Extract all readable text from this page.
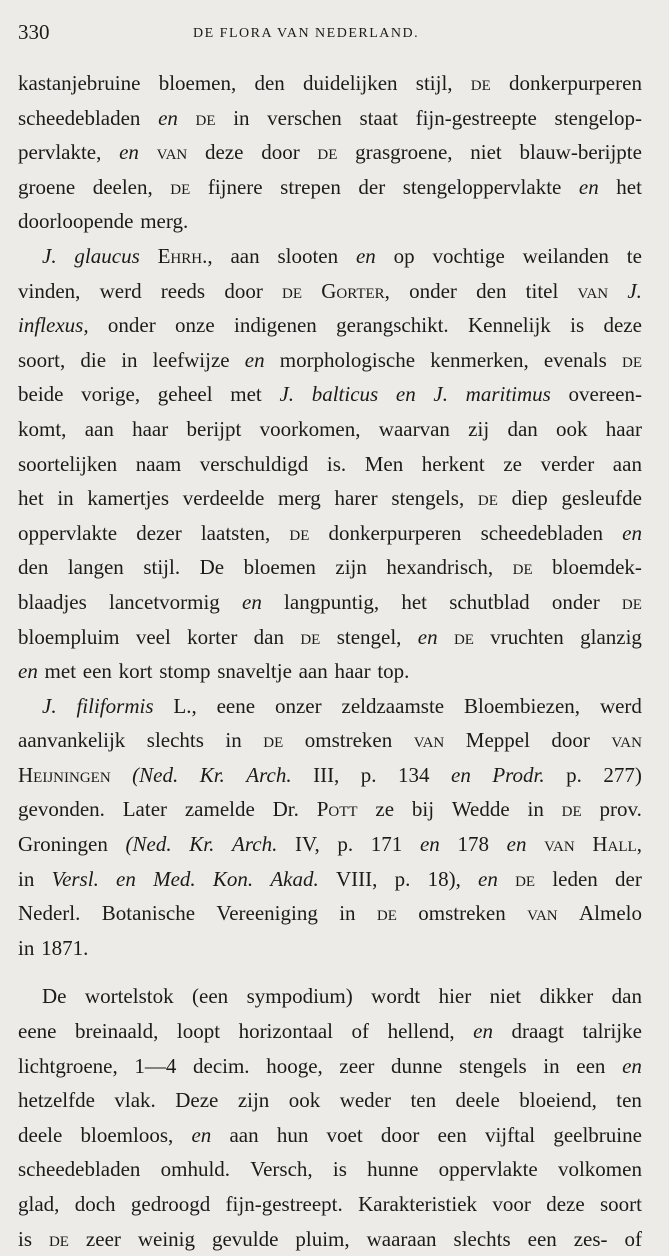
330	DE FLORA VAN NEDERLAND.
kastanjebruine bloemen, den duidelijken stijl, de donkerpurperen
scheedebladen en de in verschen staat fijn-gestreepte stengelop-
pervlakte, en van deze door de grasgroene, niet blauw-berijpte
groene deelen, de fijnere strepen der stengeloppervlakte en het
doorloopende merg.
J. glaucus Ehrh., aan slooten en op vochtige weilanden te
vinden, werd reeds door de Gorter, onder den titel van J.
inflexus, onder onze indigenen gerangschikt. Kennelijk is deze
soort, die in leefwijze en morphologische kenmerken, evenals de
beide vorige, geheel met J. balticus en J. maritimus overeen-
komt, aan haar berijpt voorkomen, waarvan zij dan ook haar
soortelijken naam verschuldigd is. Men herkent ze verder aan
het in kamertjes verdeelde merg harer stengels, de diep gesleufde
oppervlakte dezer laatsten, de donkerpurperen scheedebladen en
den langen stijl. De bloemen zijn hexandrisch, de bloemdek-
blaadjes lancetvormig en langpuntig, het schutblad onder de
bloempluim veel korter dan de stengel, en de vruchten glanzig
en met een kort stomp snaveltje aan haar top.
J. filiformis L., eene onzer zeldzaamste Bloembiezen, werd
aanvankelijk slechts in de omstreken van Meppel door van
Heijningen (Ned. Kr. Arch. III, p. 134 en Prodr. p. 277)
gevonden. Later zamelde Dr. Pott ze bij Wedde in de prov.
Groningen (Ned. Kr. Arch. IV, p. 171 en 178 en van Hall,
in Versl. en Med. Kon. Akad. VIII, p. 18), en de leden der
Nederl. Botanische Vereeniging in de omstreken van Almelo
in 1871.
De wortelstok (een sympodium) wordt hier niet dikker dan
eene breinaald, loopt horizontaal of hellend, en draagt talrijke
lichtgroene, 1—4 decim. hooge, zeer dunne stengels in een en
hetzelfde vlak. Deze zijn ook weder ten deele bloeiend, ten
deele bloemloos, en aan hun voet door een vijftal geelbruine
scheedebladen omhuld. Versch, is hunne oppervlakte volkomen
glad, doch gedroogd fijn-gestreept. Karakteristiek voor deze soort
is de zeer weinig gevulde pluim, waaraan slechts een zes- of
